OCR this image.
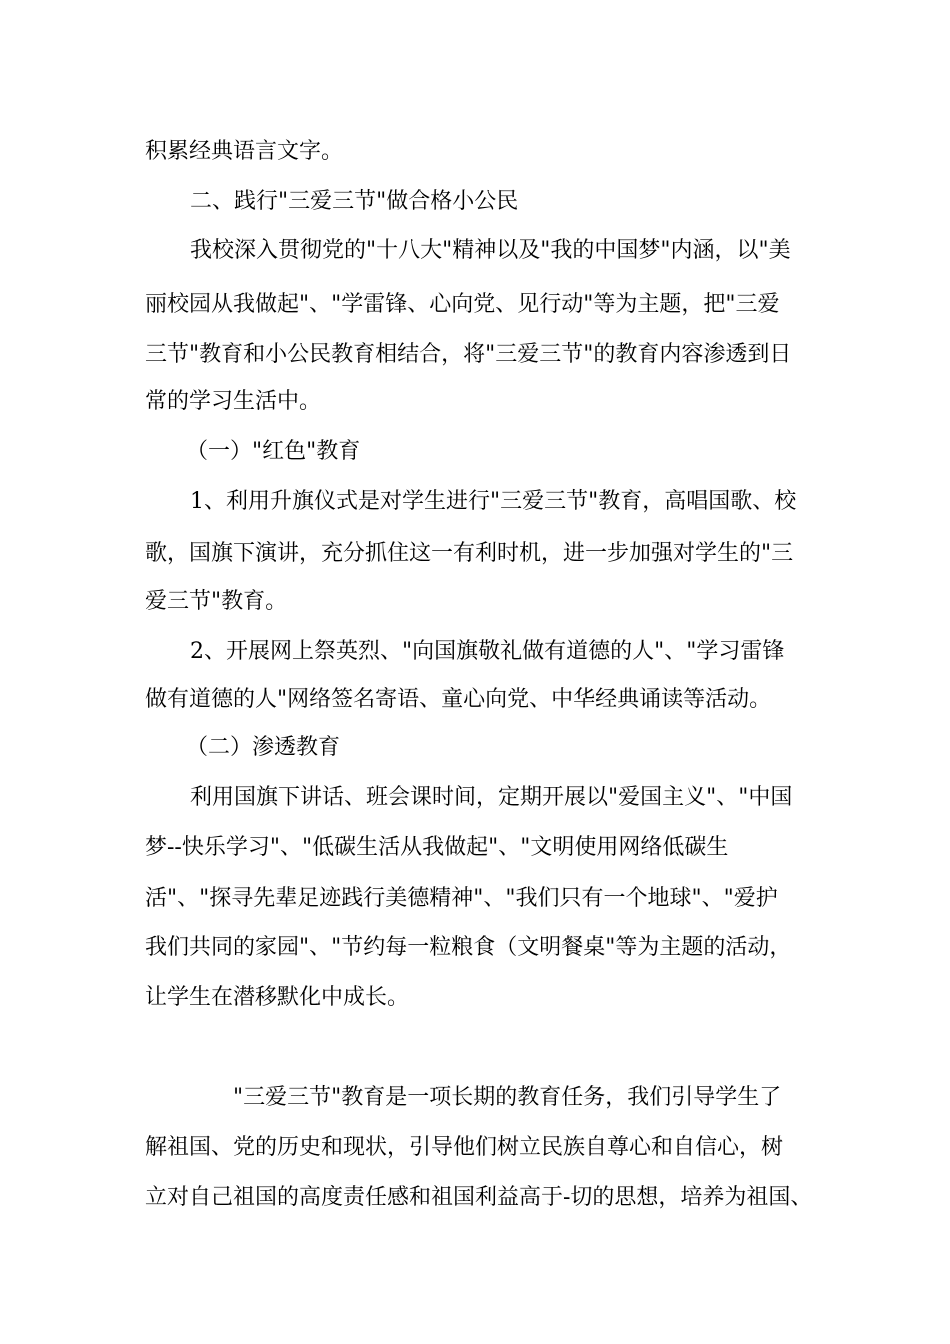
积累经典语言文字。
二、践行"三爱三节"做合格小公民
我校深入贯彻党的"十八大"精神以及"我的中国梦"内涵，以"美
丽校园从我做起"、"学雷锋、心向党、见行动"等为主题，把"三爱
三节"教育和小公民教育相结合，将"三爱三节"的教育内容渗透到日
常的学习生活中。
（一）"红色"教育
1、利用升旗仪式是对学生进行"三爱三节"教育，高唱国歌、校
歌，国旗下演讲，充分抓住这一有利时机，进一步加强对学生的"三
爱三节"教育。
2、开展网上祭英烈、"向国旗敬礼做有道德的人"、"学习雷锋
做有道德的人"网络签名寄语、童心向党、中华经典诵读等活动。
（二）渗透教育
利用国旗下讲话、班会课时间，定期开展以"爱国主义"、"中国
梦--快乐学习"、"低碳生活从我做起"、"文明使用网络低碳生
活"、"探寻先辈足迹践行美德精神"、"我们只有一个地球"、"爱护
我们共同的家园"、"节约每一粒粮食（文明餐桌"等为主题的活动，
让学生在潜移默化中成长。
"三爱三节"教育是一项长期的教育任务，我们引导学生了
解祖国、党的历史和现状，引导他们树立民族自尊心和自信心，树
立对自己祖国的高度责任感和祖国利益高于-切的思想，培养为祖国、
